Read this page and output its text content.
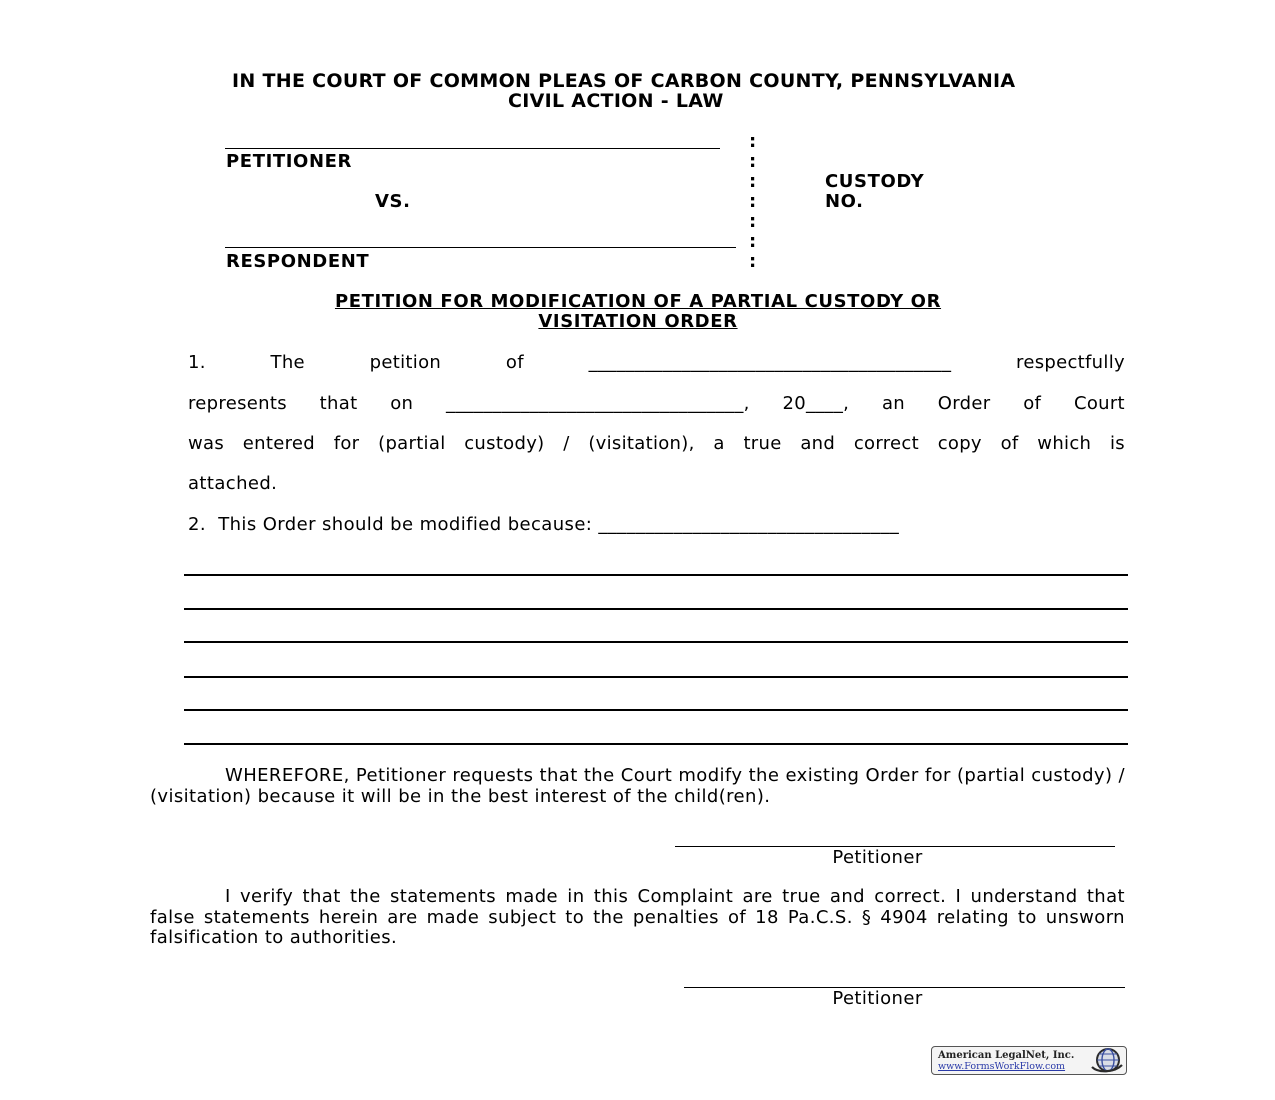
IN THE COURT OF COMMON PLEAS OF CARBON COUNTY, PENNSYLVANIA
CIVIL ACTION - LAW
PETITIONER
VS.
RESPONDENT
:
:
:
:
:
:
:
CUSTODY
NO.
PETITION FOR MODIFICATION OF A PARTIAL CUSTODY OR
VISITATION ORDER
1.	The	petition	of	_______________________________________	respectfully
represents that on ________________________________, 20____, an Order of Court
was entered for (partial custody) / (visitation), a true and correct copy of which is
attached.
2.  This Order should be modified because: ________________________________
WHEREFORE, Petitioner requests that the Court modify the existing Order for (partial custody) / (visitation) because it will be in the best interest of the child(ren).
Petitioner
I verify that the statements made in this Complaint are true and correct. I understand that false statements herein are made subject to the penalties of 18 Pa.C.S. § 4904 relating to unsworn falsification to authorities.
Petitioner
American LegalNet, Inc.
www.FormsWorkFlow.com
